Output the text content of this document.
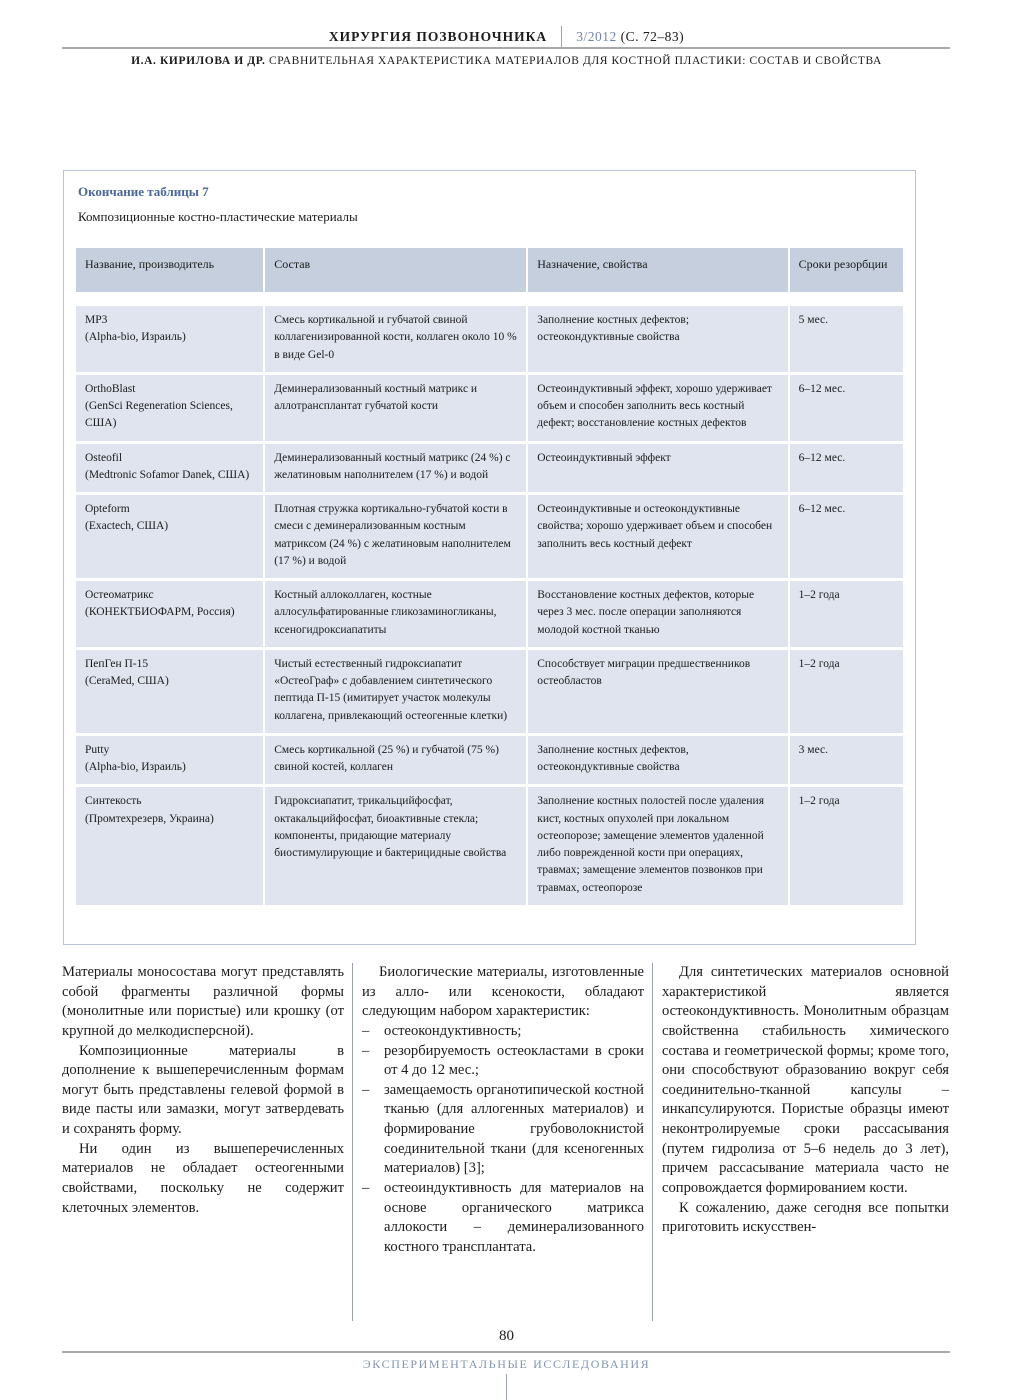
ХИРУРГИЯ ПОЗВОНОЧНИКА 3/2012 (С. 72–83)
И.А. КИРИЛОВА И ДР. СРАВНИТЕЛЬНАЯ ХАРАКТЕРИСТИКА МАТЕРИАЛОВ ДЛЯ КОСТНОЙ ПЛАСТИКИ: СОСТАВ И СВОЙСТВА
Окончание таблицы 7
Композиционные костно-пластические материалы
Название, производитель	Состав	Назначение, свойства	Сроки резорбции

МР3
(Alpha-bio, Израиль)	Смесь кортикальной и губчатой свиной коллагенизированной кости, коллаген около 10 % в виде Gel-0	Заполнение костных дефектов; остеокондуктивные свойства	5 мес.

OrthoBlast
(GenSci Regeneration Sciences, США)	Деминерализованный костный матрикс и аллотрансплантат губчатой кости	Остеоиндуктивный эффект, хорошо удерживает объем и способен заполнить весь костный дефект; восстановление костных дефектов	6–12 мес.

Osteofil
(Medtronic Sofamor Danek, США)	Деминерализованный костный матрикс (24 %) с желатиновым наполнителем (17 %) и водой	Остеоиндуктивный эффект	6–12 мес.

Opteform
(Exactech, США)	Плотная стружка кортикально-губчатой кости в смеси с деминерализованным костным матриксом (24 %) с желатиновым наполнителем (17 %) и водой	Остеоиндуктивные и остеокондуктивные свойства; хорошо удерживает объем и способен заполнить весь костный дефект	6–12 мес.

Остеоматрикс
(КОНЕКТБИОФАРМ, Россия)	Костный аллоколлаген, костные аллосульфатированные гликозаминогликаны, ксеногидроксиапатиты	Восстановление костных дефектов, которые через 3 мес. после операции заполняются молодой костной тканью	1–2 года

ПепГен П-15
(CeraMed, США)	Чистый естественный гидроксиапатит «ОстеоГраф» с добавлением синтетического пептида П-15 (имитирует участок молекулы коллагена, привлекающий остеогенные клетки)	Способствует миграции предшественников остеобластов	1–2 года

Putty
(Alpha-bio, Израиль)	Смесь кортикальной (25 %) и губчатой (75 %) свиной костей, коллаген	Заполнение костных дефектов, остеокондуктивные свойства	3 мес.

Синтекость
(Промтехрезерв, Украина)	Гидроксиапатит, трикальцийфосфат, октакальцийфосфат, биоактивные стекла; компоненты, придающие материалу биостимулирующие и бактерицидные свойства	Заполнение костных полостей после удаления кист, костных опухолей при локальном остеопорозе; замещение элементов удаленной либо поврежденной кости при операциях, травмах; замещение элементов позвонков при травмах, остеопорозе	1–2 года

Материалы моносостава могут представлять собой фрагменты различной формы (монолитные или пористые) или крошку (от крупной до мелкодисперсной).

Композиционные материалы в дополнение к вышеперечисленным формам могут быть представлены гелевой формой в виде пасты или замазки, могут затвердевать и сохранять форму.

Ни один из вышеперечисленных материалов не обладает остеогенными свойствами, поскольку не содержит клеточных элементов.

Биологические материалы, изготовленные из алло- или ксенокости, обладают следующим набором характеристик:

–	остеокондуктивность;
–	резорбируемость остеокластами в сроки от 4 до 12 мес.;
–	замещаемость органотипической костной тканью (для аллогенных материалов) и формирование грубоволокнистой соединительной ткани (для ксеногенных материалов) [3];
–	остеоиндуктивность для материалов на основе органического матрикса аллокости – деминерализованного костного трансплантата.

Для синтетических материалов основной характеристикой является остеокондуктивность. Монолитным образцам свойственна стабильность химического состава и геометрической формы; кроме того, они способствуют образованию вокруг себя соединительно-тканной капсулы – инкапсулируются. Пористые образцы имеют неконтролируемые сроки рассасывания (путем гидролиза от 5–6 недель до 3 лет), причем рассасывание материала часто не сопровождается формированием кости.

К сожалению, даже сегодня все попытки приготовить искусствен-

80
ЭКСПЕРИМЕНТАЛЬНЫЕ ИССЛЕДОВАНИЯ
